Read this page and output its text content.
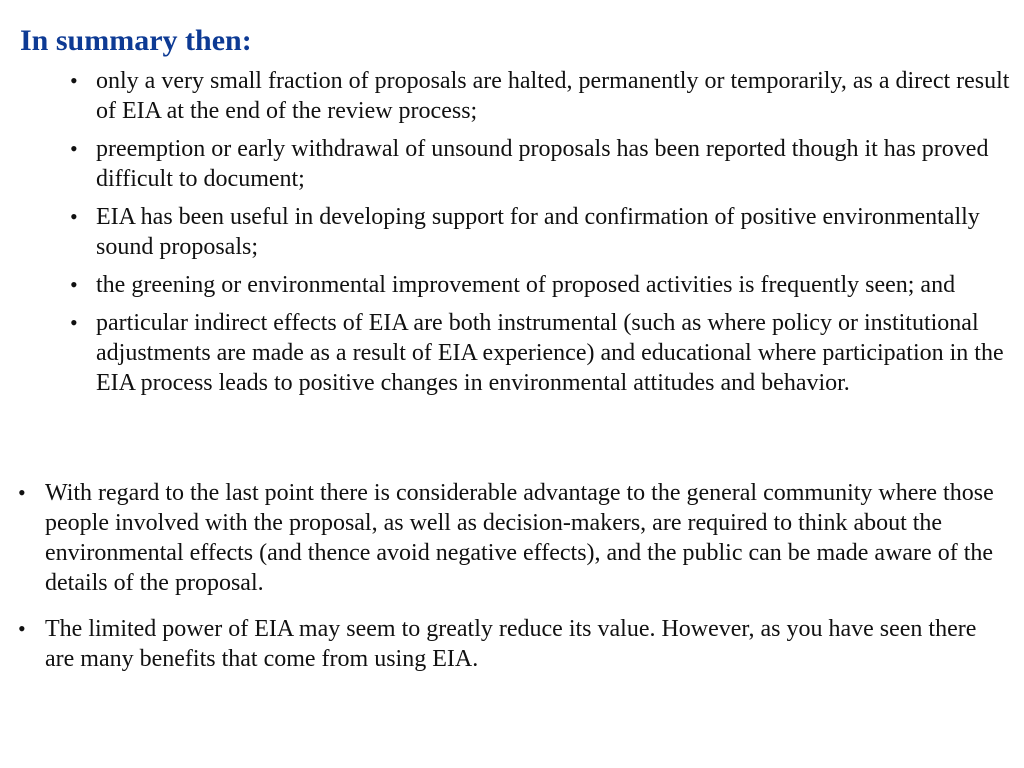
In summary then:
• only a very small fraction of proposals are halted, permanently or temporarily, as a direct result of EIA at the end of the review process;
• preemption or early withdrawal of unsound proposals has been reported though it has proved difficult to document;
• EIA has been useful in developing support for and confirmation of positive environmentally sound proposals;
• the greening or environmental improvement of proposed activities is frequently seen; and
• particular indirect effects of EIA are both instrumental (such as where policy or institutional adjustments are made as a result of EIA experience) and educational where participation in the EIA process leads to positive changes in environmental attitudes and behavior.
• With regard to the last point there is considerable advantage to the general community where those people involved with the proposal, as well as decision-makers, are required to think about the environmental effects (and thence avoid negative effects), and the public can be made aware of the details of the proposal.
• The limited power of EIA may seem to greatly reduce its value. However, as you have seen there are many benefits that come from using EIA.
